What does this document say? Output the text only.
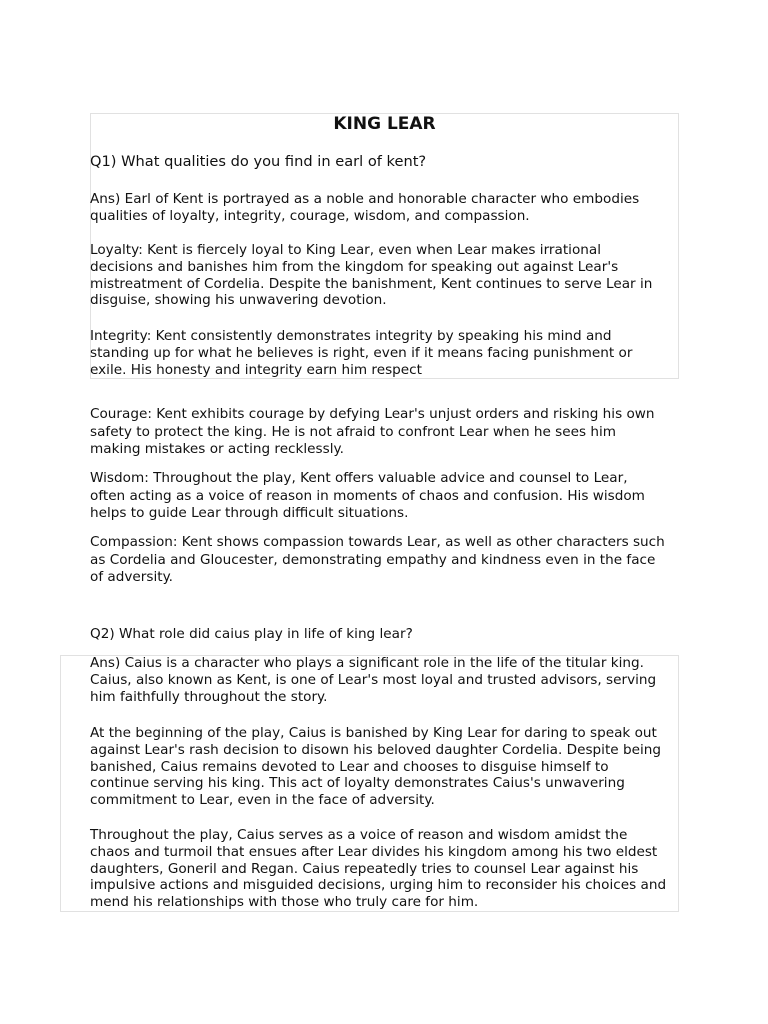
KING LEAR

Q1) What qualities do you find in earl of kent?

Ans) Earl of Kent is portrayed as a noble and honorable character who embodies
qualities of loyalty, integrity, courage, wisdom, and compassion.

Loyalty: Kent is fiercely loyal to King Lear, even when Lear makes irrational
decisions and banishes him from the kingdom for speaking out against Lear's
mistreatment of Cordelia. Despite the banishment, Kent continues to serve Lear in
disguise, showing his unwavering devotion.

Integrity: Kent consistently demonstrates integrity by speaking his mind and
standing up for what he believes is right, even if it means facing punishment or
exile. His honesty and integrity earn him respect

Courage: Kent exhibits courage by defying Lear's unjust orders and risking his own
safety to protect the king. He is not afraid to confront Lear when he sees him
making mistakes or acting recklessly.

Wisdom: Throughout the play, Kent offers valuable advice and counsel to Lear,
often acting as a voice of reason in moments of chaos and confusion. His wisdom
helps to guide Lear through difficult situations.

Compassion: Kent shows compassion towards Lear, as well as other characters such
as Cordelia and Gloucester, demonstrating empathy and kindness even in the face
of adversity.

Q2) What role did caius play in life of king lear?

Ans) Caius is a character who plays a significant role in the life of the titular king.
Caius, also known as Kent, is one of Lear's most loyal and trusted advisors, serving
him faithfully throughout the story.

At the beginning of the play, Caius is banished by King Lear for daring to speak out
against Lear's rash decision to disown his beloved daughter Cordelia. Despite being
banished, Caius remains devoted to Lear and chooses to disguise himself to
continue serving his king. This act of loyalty demonstrates Caius's unwavering
commitment to Lear, even in the face of adversity.

Throughout the play, Caius serves as a voice of reason and wisdom amidst the
chaos and turmoil that ensues after Lear divides his kingdom among his two eldest
daughters, Goneril and Regan. Caius repeatedly tries to counsel Lear against his
impulsive actions and misguided decisions, urging him to reconsider his choices and
mend his relationships with those who truly care for him.
